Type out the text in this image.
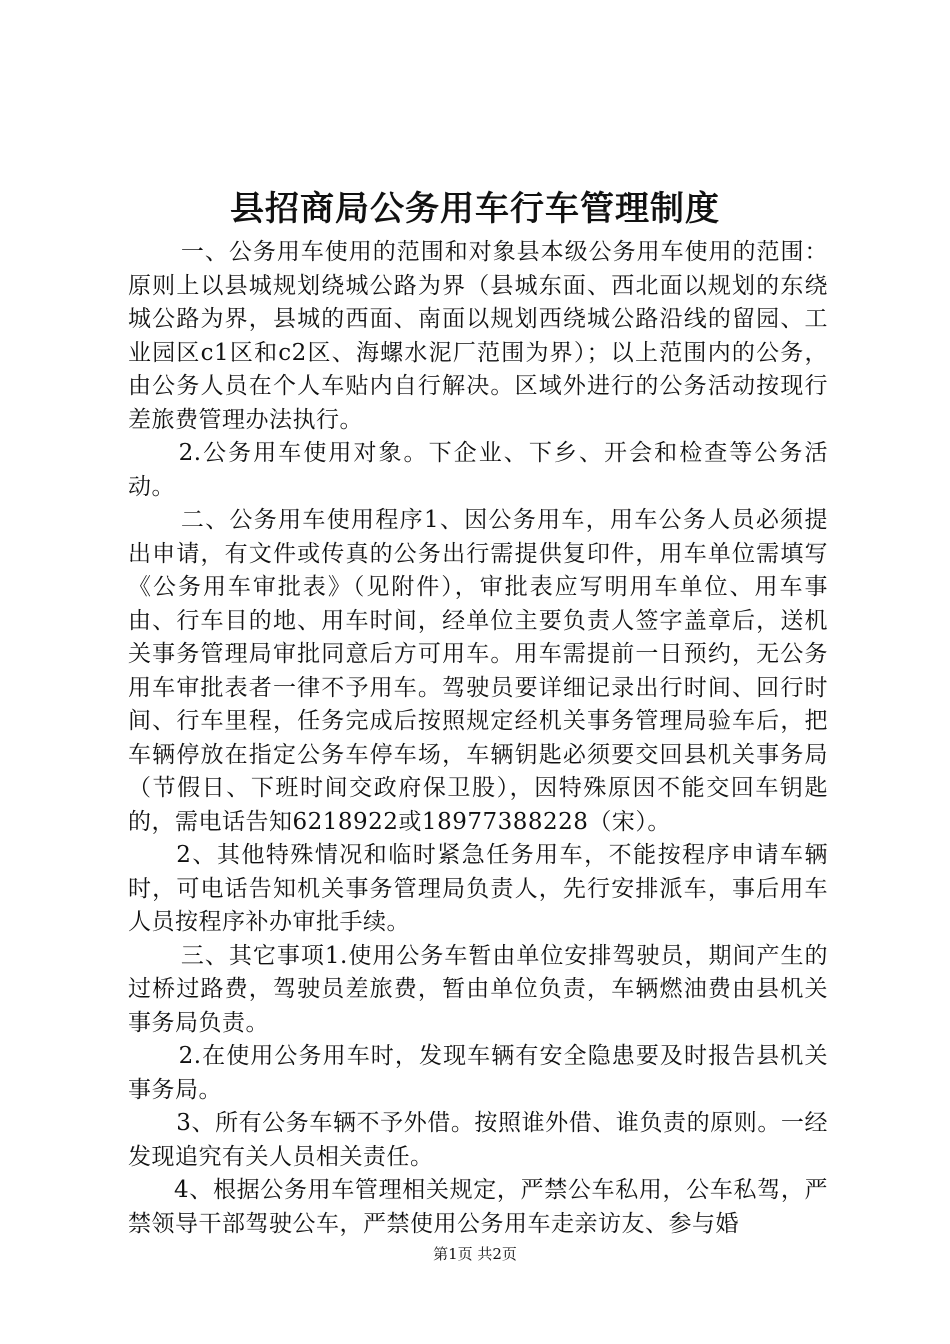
县招商局公务用车行车管理制度

一、公务用车使用的范围和对象县本级公务用车使用的范围：原则上以县城规划绕城公路为界（县城东面、西北面以规划的东绕城公路为界，县城的西面、南面以规划西绕城公路沿线的留园、工业园区c1区和c2区、海螺水泥厂范围为界）；以上范围内的公务，由公务人员在个人车贴内自行解决。区域外进行的公务活动按现行差旅费管理办法执行。

2.公务用车使用对象。下企业、下乡、开会和检查等公务活动。

二、公务用车使用程序1、因公务用车，用车公务人员必须提出申请，有文件或传真的公务出行需提供复印件，用车单位需填写《公务用车审批表》（见附件），审批表应写明用车单位、用车事由、行车目的地、用车时间，经单位主要负责人签字盖章后，送机关事务管理局审批同意后方可用车。用车需提前一日预约，无公务用车审批表者一律不予用车。驾驶员要详细记录出行时间、回行时间、行车里程，任务完成后按照规定经机关事务管理局验车后，把车辆停放在指定公务车停车场，车辆钥匙必须要交回县机关事务局（节假日、下班时间交政府保卫股），因特殊原因不能交回车钥匙的，需电话告知6218922或18977388228（宋）。

2、其他特殊情况和临时紧急任务用车，不能按程序申请车辆时，可电话告知机关事务管理局负责人，先行安排派车，事后用车人员按程序补办审批手续。

三、其它事项1.使用公务车暂由单位安排驾驶员，期间产生的过桥过路费，驾驶员差旅费，暂由单位负责，车辆燃油费由县机关事务局负责。

2.在使用公务用车时，发现车辆有安全隐患要及时报告县机关事务局。

3、所有公务车辆不予外借。按照谁外借、谁负责的原则。一经发现追究有关人员相关责任。

4、根据公务用车管理相关规定，严禁公车私用，公车私驾，严禁领导干部驾驶公车，严禁使用公务用车走亲访友、参与婚

第1页 共2页
